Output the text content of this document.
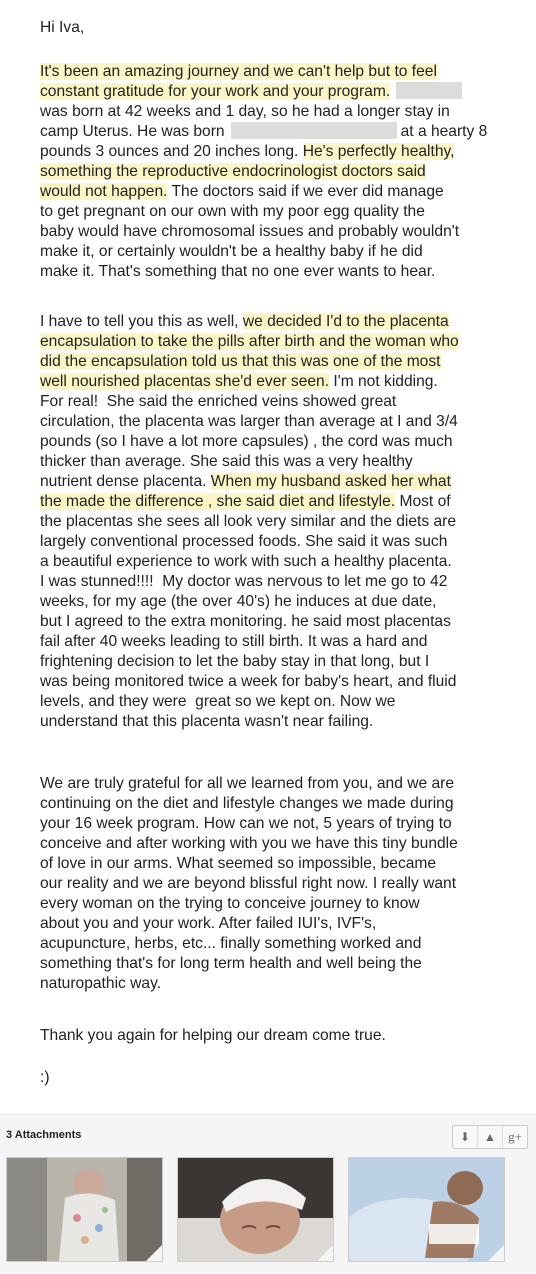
Hi Iva,
It's been an amazing journey and we can't help but to feel
constant gratitude for your work and your program.
was born at 42 weeks and 1 day, so he had a longer stay in
camp Uterus. He was born	at a hearty 8
pounds 3 ounces and 20 inches long. He's perfectly healthy,
something the reproductive endocrinologist doctors said
would not happen. The doctors said if we ever did manage
to get pregnant on our own with my poor egg quality the
baby would have chromosomal issues and probably wouldn't
make it, or certainly wouldn't be a healthy baby if he did
make it. That's something that no one ever wants to hear.
I have to tell you this as well, we decided I'd to the placenta
encapsulation to take the pills after birth and the woman who
did the encapsulation told us that this was one of the most
well nourished placentas she'd ever seen. I'm not kidding.
For real!  She said the enriched veins showed great
circulation, the placenta was larger than average at I and 3/4
pounds (so I have a lot more capsules) , the cord was much
thicker than average. She said this was a very healthy
nutrient dense placenta. When my husband asked her what
the made the difference , she said diet and lifestyle. Most of
the placentas she sees all look very similar and the diets are
largely conventional processed foods. She said it was such
a beautiful experience to work with such a healthy placenta.
I was stunned!!!!  My doctor was nervous to let me go to 42
weeks, for my age (the over 40's) he induces at due date,
but I agreed to the extra monitoring. he said most placentas
fail after 40 weeks leading to still birth. It was a hard and
frightening decision to let the baby stay in that long, but I
was being monitored twice a week for baby's heart, and fluid
levels, and they were  great so we kept on. Now we
understand that this placenta wasn't near failing.
We are truly grateful for all we learned from you, and we are
continuing on the diet and lifestyle changes we made during
your 16 week program. How can we not, 5 years of trying to
conceive and after working with you we have this tiny bundle
of love in our arms. What seemed so impossible, became
our reality and we are beyond blissful right now. I really want
every woman on the trying to conceive journey to know
about you and your work. After failed IUI's, IVF's,
acupuncture, herbs, etc... finally something worked and
something that's for long term health and well being the
naturopathic way.
Thank you again for helping our dream come true.
:)
3 Attachments	⬇	▲ g+
